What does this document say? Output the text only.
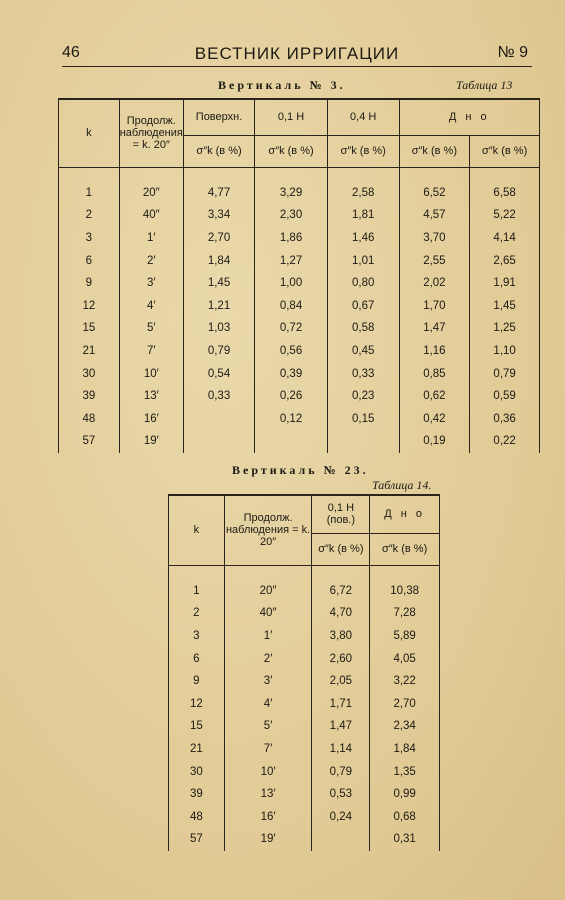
46	ВЕСТНИК ИРРИГАЦИИ	№ 9
Вертикаль № 3.	Таблица 13
k	Продолж. наблюдения = k. 20″	Поверхн.	0,1 Н	0,4 Н	Д н о	
		σ″k (в %)	σ″k (в %)	σ″k (в %)	σ″k (в %)	σ″k (в %)

1	20″	4,77	3,29	2,58	6,52	6,58
2	40″	3,34	2,30	1,81	4,57	5,22
3	1′	2,70	1,86	1,46	3,70	4,14
6	2′	1,84	1,27	1,01	2,55	2,65
9	3′	1,45	1,00	0,80	2,02	1,91
12	4′	1,21	0,84	0,67	1,70	1,45
15	5′	1,03	0,72	0,58	1,47	1,25
21	7′	0,79	0,56	0,45	1,16	1,10
30	10′	0,54	0,39	0,33	0,85	0,79
39	13′	0,33	0,26	0,23	0,62	0,59
48	16′		0,12	0,15	0,42	0,36
57	19′				0,19	0,22
Вертикаль № 23.
Таблица 14.
k	Продолж. наблюдения = k. 20″	0,1 Н (пов.)	Д н о
		σ″k (в %)	σ″k (в %)

1	20″	6,72	10,38
2	40″	4,70	7,28
3	1′	3,80	5,89
6	2′	2,60	4,05
9	3′	2,05	3,22
12	4′	1,71	2,70
15	5′	1,47	2,34
21	7′	1,14	1,84
30	10′	0,79	1,35
39	13′	0,53	0,99
48	16′	0,24	0,68
57	19′		0,31
